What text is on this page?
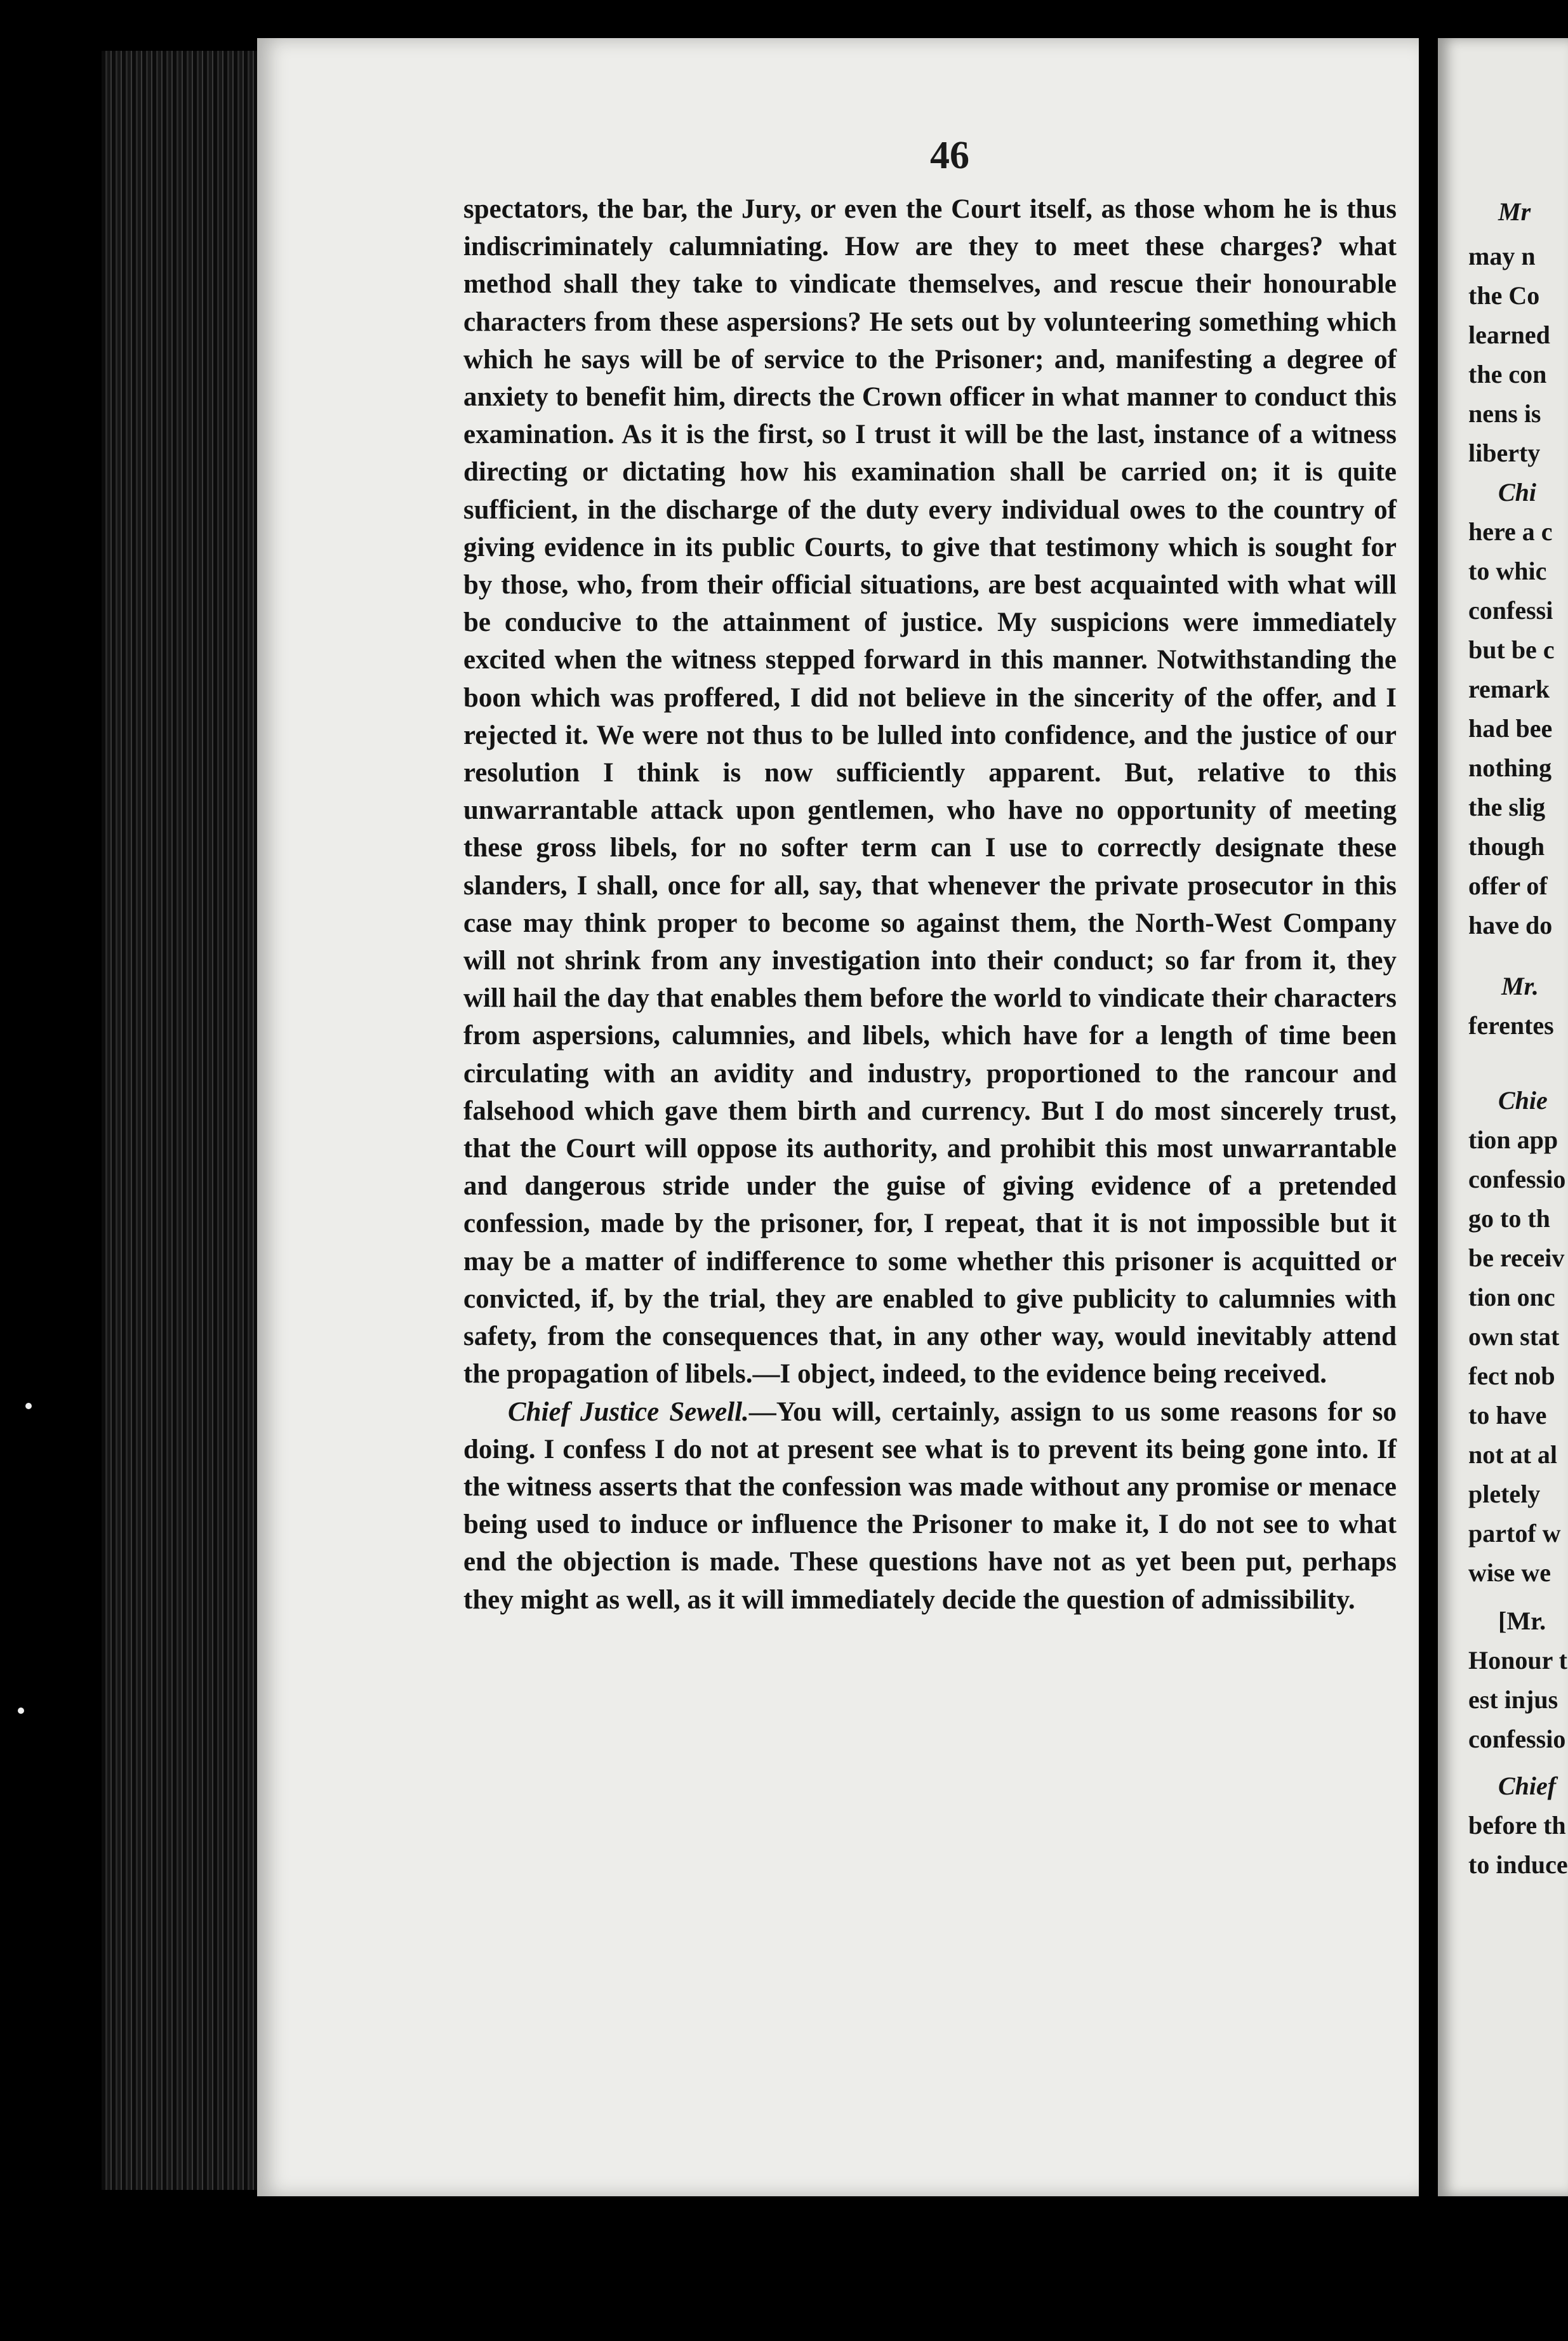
46

spectators, the bar, the Jury, or even the Court itself, as those whom he is thus indiscriminately calumniating. How are they to meet these charges? what method shall they take to vindicate themselves, and rescue their honourable characters from these aspersions? He sets out by volunteering something which which he says will be of service to the Prisoner; and, manifesting a degree of anxiety to benefit him, directs the Crown officer in what manner to conduct this examination. As it is the first, so I trust it will be the last, instance of a witness directing or dictating how his examination shall be carried on; it is quite sufficient, in the discharge of the duty every individual owes to the country of giving evidence in its public Courts, to give that testimony which is sought for by those, who, from their official situations, are best acquainted with what will be conducive to the attainment of justice. My suspicions were immediately excited when the witness stepped forward in this manner. Notwithstanding the boon which was proffered, I did not believe in the sincerity of the offer, and I rejected it. We were not thus to be lulled into confidence, and the justice of our resolution I think is now sufficiently apparent. But, relative to this unwarrantable attack upon gentlemen, who have no opportunity of meeting these gross libels, for no softer term can I use to correctly designate these slanders, I shall, once for all, say, that whenever the private prosecutor in this case may think proper to become so against them, the North-West Company will not shrink from any investigation into their conduct; so far from it, they will hail the day that enables them before the world to vindicate their characters from aspersions, calumnies, and libels, which have for a length of time been circulating with an avidity and industry, proportioned to the rancour and falsehood which gave them birth and currency. But I do most sincerely trust, that the Court will oppose its authority, and prohibit this most unwarrantable and dangerous stride under the guise of giving evidence of a pretended confession, made by the prisoner, for, I repeat, that it is not impossible but it may be a matter of indifference to some whether this prisoner is acquitted or convicted, if, by the trial, they are enabled to give publicity to calumnies with safety, from the consequences that, in any other way, would inevitably attend the propagation of libels.—I object, indeed, to the evidence being received.

Chief Justice Sewell.—You will, certainly, assign to us some reasons for so doing. I confess I do not at present see what is to prevent its being gone into. If the witness asserts that the confession was made without any promise or menace being used to induce or influence the Prisoner to make it, I do not see to what end the objection is made. These questions have not as yet been put, perhaps they might as well, as it will immediately decide the question of admissibility.

Mr
may n
the Co
learned
the con
nens is
liberty
Chi
here a c
to whic
confessi
but be c
remark
had bee
nothing
the slig
though
offer of
have do
Mr.
ferentes
Chie
tion app
confessio
go to th
be receiv
tion onc
own stat
fect nob
to have
not at al
pletely
partof w
wise we
[Mr.
Honour t
est injus
confessio
Chief
before th
to induce
